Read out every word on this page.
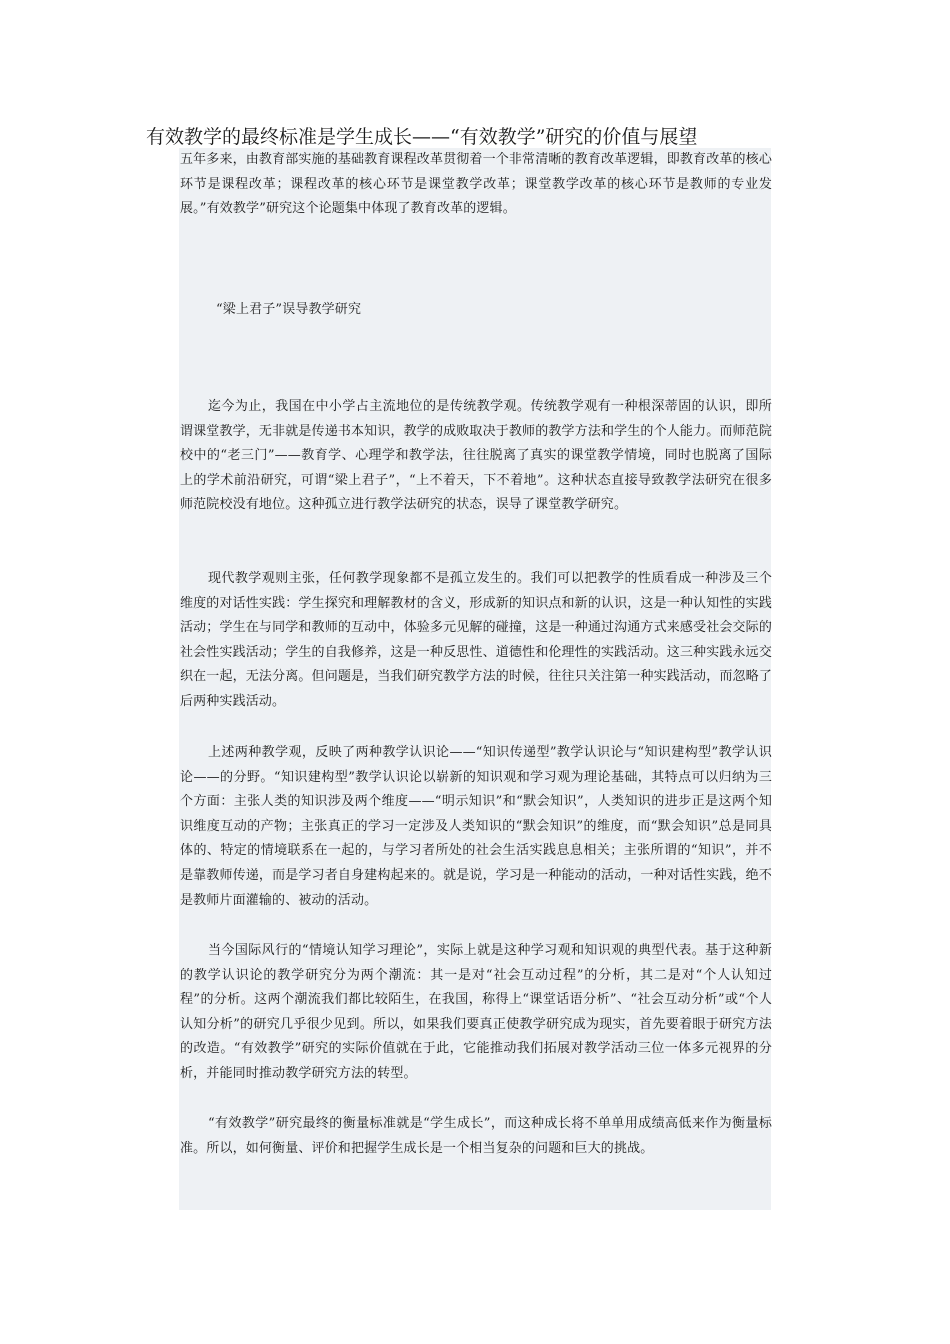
有效教学的最终标准是学生成长——“有效教学”研究的价值与展望

五年多来，由教育部实施的基础教育课程改革贯彻着一个非常清晰的教育改革逻辑，即教育改革的核心环节是课程改革；课程改革的核心环节是课堂教学改革；课堂教学改革的核心环节是教师的专业发展。”有效教学”研究这个论题集中体现了教育改革的逻辑。

“梁上君子”误导教学研究

迄今为止，我国在中小学占主流地位的是传统教学观。传统教学观有一种根深蒂固的认识，即所谓课堂教学，无非就是传递书本知识，教学的成败取决于教师的教学方法和学生的个人能力。而师范院校中的“老三门”——教育学、心理学和教学法，往往脱离了真实的课堂教学情境，同时也脱离了国际上的学术前沿研究，可谓“梁上君子”，“上不着天，下不着地”。这种状态直接导致教学法研究在很多师范院校没有地位。这种孤立进行教学法研究的状态，误导了课堂教学研究。

现代教学观则主张，任何教学现象都不是孤立发生的。我们可以把教学的性质看成一种涉及三个维度的对话性实践：学生探究和理解教材的含义，形成新的知识点和新的认识，这是一种认知性的实践活动；学生在与同学和教师的互动中，体验多元见解的碰撞，这是一种通过沟通方式来感受社会交际的社会性实践活动；学生的自我修养，这是一种反思性、道德性和伦理性的实践活动。这三种实践永远交织在一起，无法分离。但问题是，当我们研究教学方法的时候，往往只关注第一种实践活动，而忽略了后两种实践活动。

上述两种教学观，反映了两种教学认识论——“知识传递型”教学认识论与“知识建构型”教学认识论——的分野。“知识建构型”教学认识论以崭新的知识观和学习观为理论基础，其特点可以归纳为三个方面：主张人类的知识涉及两个维度——“明示知识”和“默会知识”，人类知识的进步正是这两个知识维度互动的产物；主张真正的学习一定涉及人类知识的“默会知识”的维度，而“默会知识”总是同具体的、特定的情境联系在一起的，与学习者所处的社会生活实践息息相关；主张所谓的“知识”，并不是靠教师传递，而是学习者自身建构起来的。就是说，学习是一种能动的活动，一种对话性实践，绝不是教师片面灌输的、被动的活动。

当今国际风行的“情境认知学习理论”，实际上就是这种学习观和知识观的典型代表。基于这种新的教学认识论的教学研究分为两个潮流：其一是对“社会互动过程”的分析，其二是对“个人认知过程”的分析。这两个潮流我们都比较陌生，在我国，称得上“课堂话语分析”、“社会互动分析”或“个人认知分析”的研究几乎很少见到。所以，如果我们要真正使教学研究成为现实，首先要着眼于研究方法的改造。“有效教学”研究的实际价值就在于此，它能推动我们拓展对教学活动三位一体多元视界的分析，并能同时推动教学研究方法的转型。

“有效教学”研究最终的衡量标准就是“学生成长”，而这种成长将不单单用成绩高低来作为衡量标准。所以，如何衡量、评价和把握学生成长是一个相当复杂的问题和巨大的挑战。
